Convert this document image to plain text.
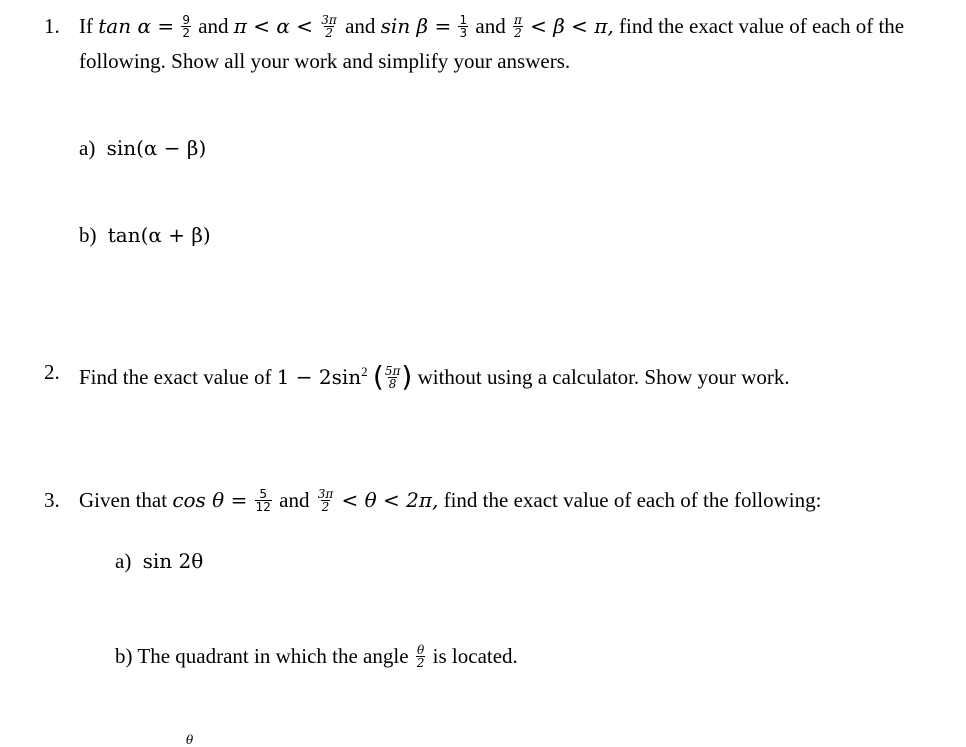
1. If $\tan \alpha = \frac{9}{2}$ and $\pi < \alpha < \frac{3\pi}{2}$ and $\sin \beta = \frac{1}{3}$ and $\frac{\pi}{2} < \beta < \pi$, find the exact value of each of the
following. Show all your work and simplify your answers.
a) sin(α − β)
b) tan(α + β)
2. Find the exact value of $1 - 2\sin^2$ ( $\frac{5\pi}{8}$ ) without using a calculator. Show your work.
3. Given that $\cos \theta = \frac{5}{12}$ and $\frac{3\pi}{2} < \theta < 2\pi$, find the exact value of each of the following:
a) sin 2θ
b) The quadrant in which the angle $\frac{\theta}{2}$ is located.
θ
